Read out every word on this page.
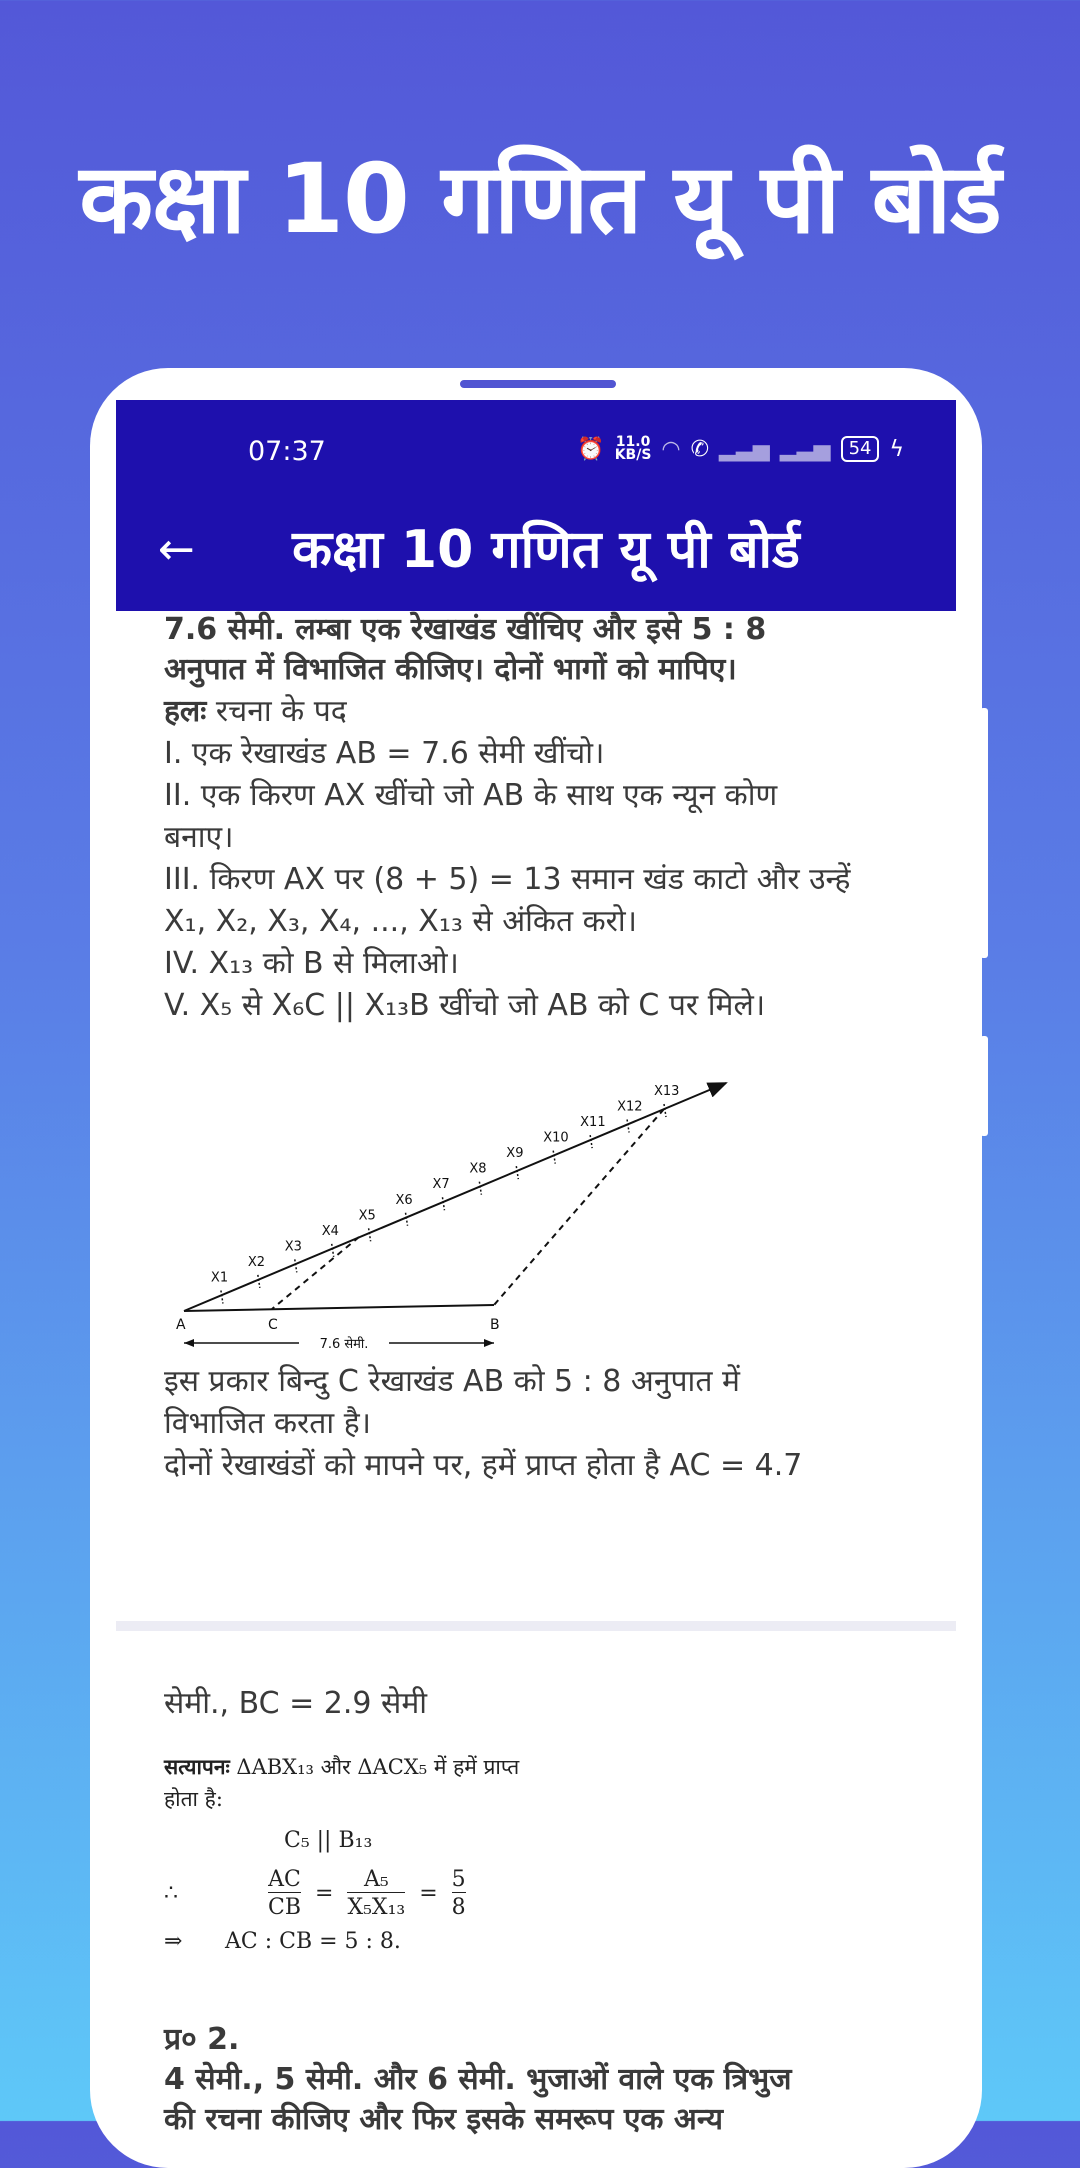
कक्षा 10 गणित यू पी बोर्ड
07:37	⏰ 11.0
KB/S ◠ ✆ ▂▃▅ ▂▃▅	54 ϟ
←	कक्षा 10 गणित यू पी बोर्ड
7.6 सेमी. लम्बा एक रेखाखंड खींचिए और इसे 5 : 8
अनुपात में विभाजित कीजिए। दोनों भागों को मापिए।
हलः रचना के पद
I. एक रेखाखंड AB = 7.6 सेमी खींचो।
II. एक किरण AX खींचो जो AB के साथ एक न्यून कोण
बनाए।
III. किरण AX पर (8 + 5) = 13 समान खंड काटो और उन्हें
X₁, X₂, X₃, X₄, ..., X₁₃ से अंकित करो।
IV. X₁₃ को B से मिलाओ।
V. X₅ से X₆C || X₁₃B खींचो जो AB को C पर मिले।
7.6 सेमी.
A	B
C
X1
X2
X3
X4
X5
X6
X7
X8
X9
X10
X11
X12
X13
इस प्रकार बिन्दु C रेखाखंड AB को 5 : 8 अनुपात में
विभाजित करता है।
दोनों रेखाखंडों को मापने पर, हमें प्राप्त होता है AC = 4.7
सेमी., BC = 2.9 सेमी
सत्यापनः ΔABX₁₃ और ΔACX₅ में हमें प्राप्त
होता है:
C₅ || B₁₃
∴	$\frac{AC}{CB} = \frac{\text{A₅}}{\text{X₅X₁₃}} = \frac{5}{8}$
⇒ AC : CB = 5 : 8.
प्र० 2.
4 सेमी., 5 सेमी. और 6 सेमी. भुजाओं वाले एक त्रिभुज
की रचना कीजिए और फिर इसके समरूप एक अन्य
